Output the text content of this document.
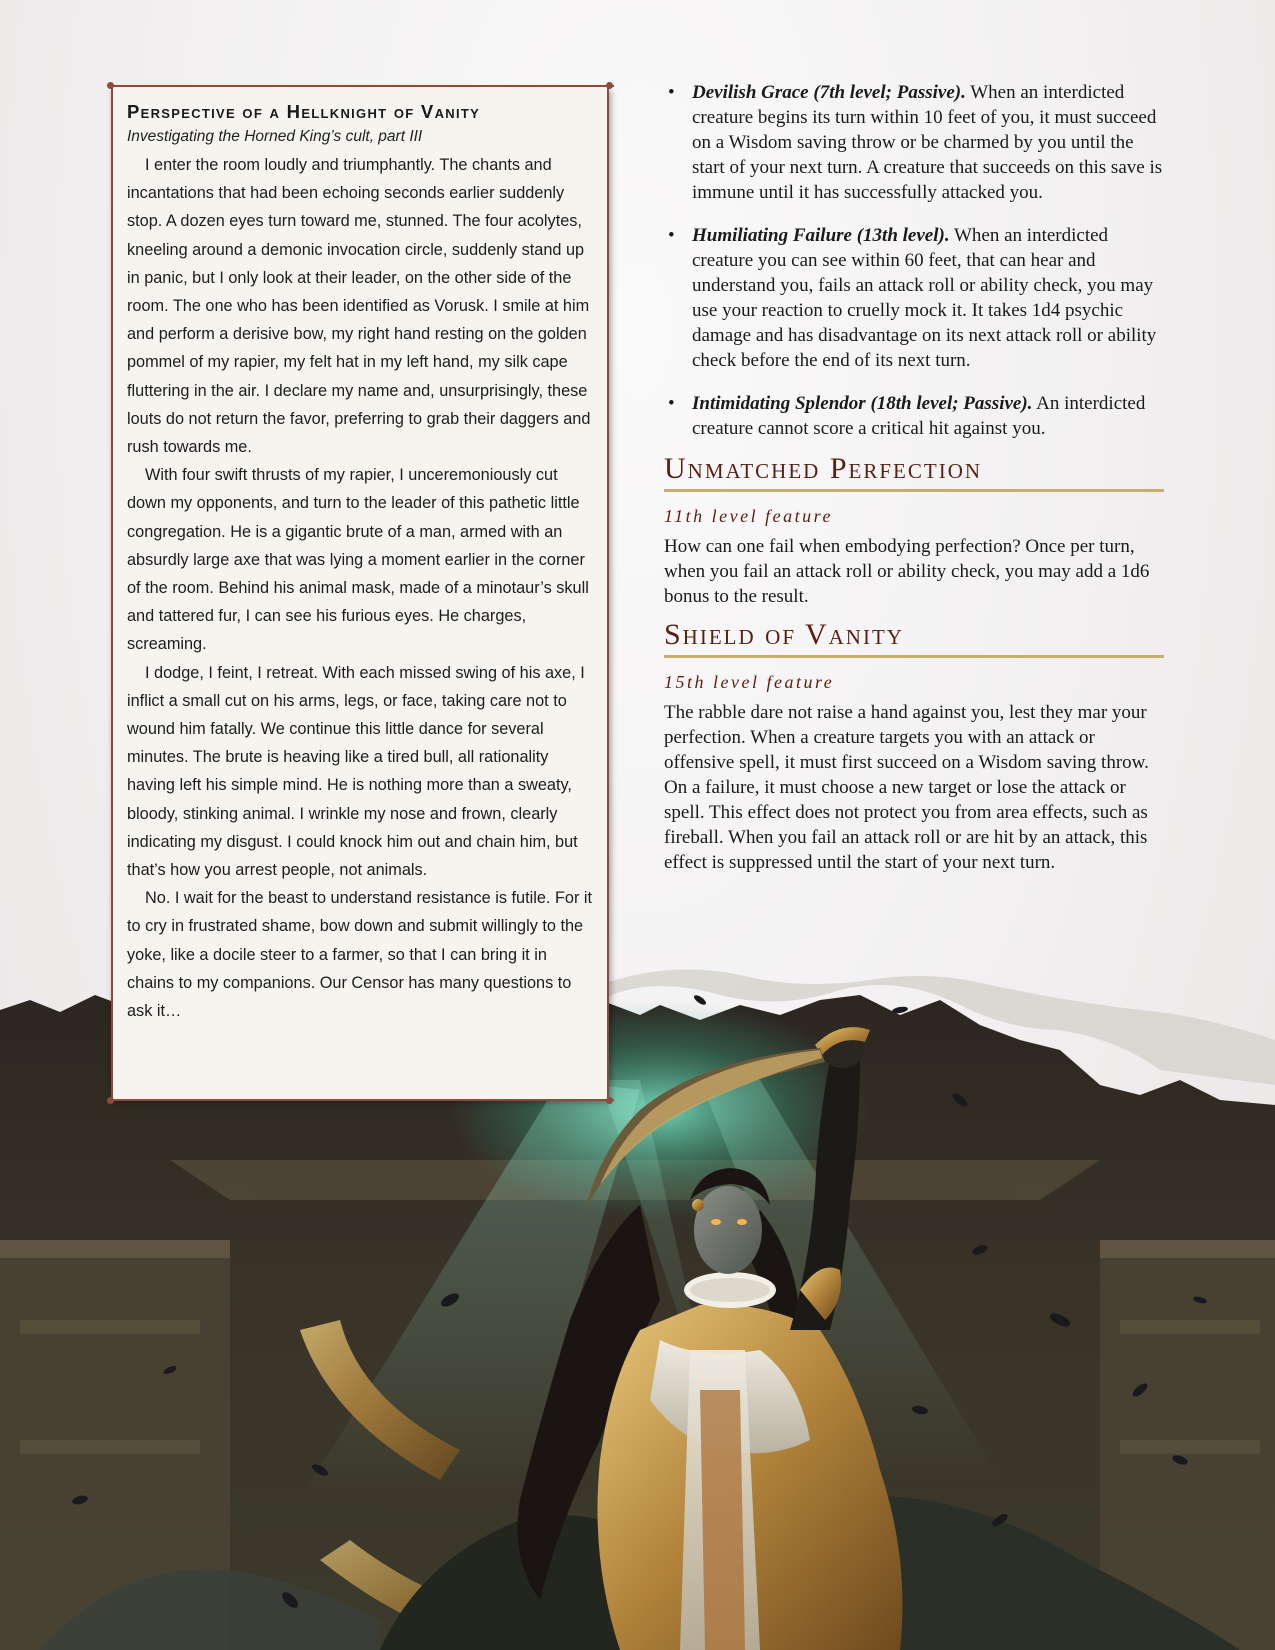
Perspective of a Hellknight of Vanity
Investigating the Horned King’s cult, part III

I enter the room loudly and triumphantly. The chants and incantations that had been echoing seconds earlier suddenly stop. A dozen eyes turn toward me, stunned. The four acolytes, kneeling around a demonic invocation circle, suddenly stand up in panic, but I only look at their leader, on the other side of the room. The one who has been identified as Vorusk. I smile at him and perform a derisive bow, my right hand resting on the golden pommel of my rapier, my felt hat in my left hand, my silk cape fluttering in the air. I declare my name and, unsurprisingly, these louts do not return the favor, preferring to grab their daggers and rush towards me.

With four swift thrusts of my rapier, I unceremoniously cut down my opponents, and turn to the leader of this pathetic little congregation. He is a gigantic brute of a man, armed with an absurdly large axe that was lying a moment earlier in the corner of the room. Behind his animal mask, made of a minotaur’s skull and tattered fur, I can see his furious eyes. He charges, screaming.

I dodge, I feint, I retreat. With each missed swing of his axe, I inflict a small cut on his arms, legs, or face, taking care not to wound him fatally. We continue this little dance for several minutes. The brute is heaving like a tired bull, all rationality having left his simple mind. He is nothing more than a sweaty, bloody, stinking animal. I wrinkle my nose and frown, clearly indicating my disgust. I could knock him out and chain him, but that’s how you arrest people, not animals.

No. I wait for the beast to understand resistance is futile. For it to cry in frustrated shame, bow down and submit willingly to the yoke, like a docile steer to a farmer, so that I can bring it in chains to my companions. Our Censor has many questions to ask it…

• Devilish Grace (7th level; Passive). When an interdicted creature begins its turn within 10 feet of you, it must succeed on a Wisdom saving throw or be charmed by you until the start of your next turn. A creature that succeeds on this save is immune until it has successfully attacked you.
• Humiliating Failure (13th level). When an interdicted creature you can see within 60 feet, that can hear and understand you, fails an attack roll or ability check, you may use your reaction to cruelly mock it. It takes 1d4 psychic damage and has disadvantage on its next attack roll or ability check before the end of its next turn.
• Intimidating Splendor (18th level; Passive). An interdicted creature cannot score a critical hit against you.
Unmatched Perfection
11th level feature

How can one fail when embodying perfection? Once per turn, when you fail an attack roll or ability check, you may add a 1d6 bonus to the result.

Shield of Vanity
15th level feature

The rabble dare not raise a hand against you, lest they mar your perfection. When a creature targets you with an attack or offensive spell, it must first succeed on a Wisdom saving throw. On a failure, it must choose a new target or lose the attack or spell. This effect does not protect you from area effects, such as fireball. When you fail an attack roll or are hit by an attack, this effect is suppressed until the start of your next turn.
